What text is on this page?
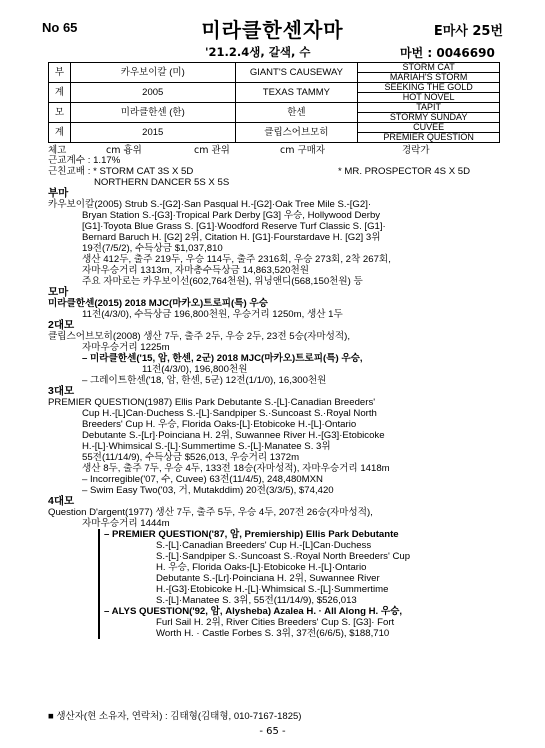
No 65	미라클한센자마	E마사 25번
'21.2.4생, 갈색, 수	마번 : 0046690
부	카우보이칼 (미)	GIANT'S CAUSEWAY	STORM CAT
			MARIAH'S STORM
계	2005	TEXAS TAMMY	SEEKING THE GOLD
			HOT NOVEL
모	미라클한센 (한)	한센	TAPIT
			STORMY SUNDAY
계	2015	클립스어브모히	CUVEE
			PREMIER QUESTION
체고	cm 흉위	cm 관위	cm 구매자	경락가

근교계수 : 1.17%

근친교배 : * STORM CAT 3S X 5D	* MR. PROSPECTOR 4S X 5D

NORTHERN DANCER 5S X 5S

부마

카우보이칼(2005) Strub S.-[G2]·San Pasqual H.-[G2]·Oak Tree Mile S.-[G2]·

Bryan Station S.-[G3]·Tropical Park Derby [G3] 우승, Hollywood Derby

[G1]·Toyota Blue Grass S. [G1]·Woodford Reserve Turf Classic S. [G1]·

Bernard Baruch H. [G2] 2위, Citation H. [G1]·Fourstardave H. [G2] 3위

19전(7/5/2), 수득상금 $1,037,810

생산 412두, 출주 219두, 우승 114두, 출주 2316회, 우승 273회, 2착 267회,

자마우승거리 1313m, 자마총수득상금 14,863,520천원

주요 자마로는 카우보이선(602,764천원), 위닝앤디(568,150천원) 등

모마

미라클한센(2015) 2018 MJC(마카오)트로피(특) 우승

11전(4/3/0), 수득상금 196,800천원, 우승거리 1250m, 생산 1두

2대모

클립스어브모히(2008) 생산 7두, 출주 2두, 우승 2두, 23전 5승(자마성적),

자마우승거리 1225m

– 미라클한센('15, 암, 한센, 2군) 2018 MJC(마카오)트로피(특) 우승,

11전(4/3/0), 196,800천원

– 그레이트한센('18, 암, 한센, 5군) 12전(1/1/0), 16,300천원

3대모

PREMIER QUESTION(1987) Ellis Park Debutante S.-[L]·Canadian Breeders'

Cup H.-[L]Can·Duchess S.-[L]·Sandpiper S.·Suncoast S.·Royal North

Breeders' Cup H. 우승, Florida Oaks-[L]·Etobicoke H.-[L]·Ontario

Debutante S.-[Lr]·Poinciana H. 2위, Suwannee River H.-[G3]·Etobicoke

H.-[L]·Whimsical S.-[L]·Summertime S.-[L]·Manatee S. 3위

55전(11/14/9), 수득상금 $526,013, 우승거리 1372m

생산 8두, 출주 7두, 우승 4두, 133전 18승(자마성적), 자마우승거리 1418m

– Incorregible('07, 수, Cuvee) 63전(11/4/5), 248,480MXN

– Swim Easy Two('03, 거, Mutakddim) 20전(3/3/5), $74,420

4대모

Question D'argent(1977) 생산 7두, 출주 5두, 우승 4두, 207전 26승(자마성적),

자마우승거리 1444m

– PREMIER QUESTION('87, 암, Premiership) Ellis Park Debutante

S.-[L]·Canadian Breeders' Cup H.-[L]Can·Duchess

S.-[L]·Sandpiper S.·Suncoast S.·Royal North Breeders' Cup

H. 우승, Florida Oaks-[L]·Etobicoke H.-[L]·Ontario

Debutante S.-[Lr]·Poinciana H. 2위, Suwannee River

H.-[G3]·Etobicoke H.-[L]·Whimsical S.-[L]·Summertime

S.-[L]·Manatee S. 3위, 55전(11/14/9), $526,013

– ALYS QUESTION('92, 암, Alysheba) Azalea H. · All Along H. 우승,

Furl Sail H. 2위, River Cities Breeders' Cup S. [G3]· Fort

Worth H. · Castle Forbes S. 3위, 37전(6/6/5), $188,710

■ 생산자(현 소유자, 연락처) : 김태형(김태형, 010-7167-1825)
- 65 -
